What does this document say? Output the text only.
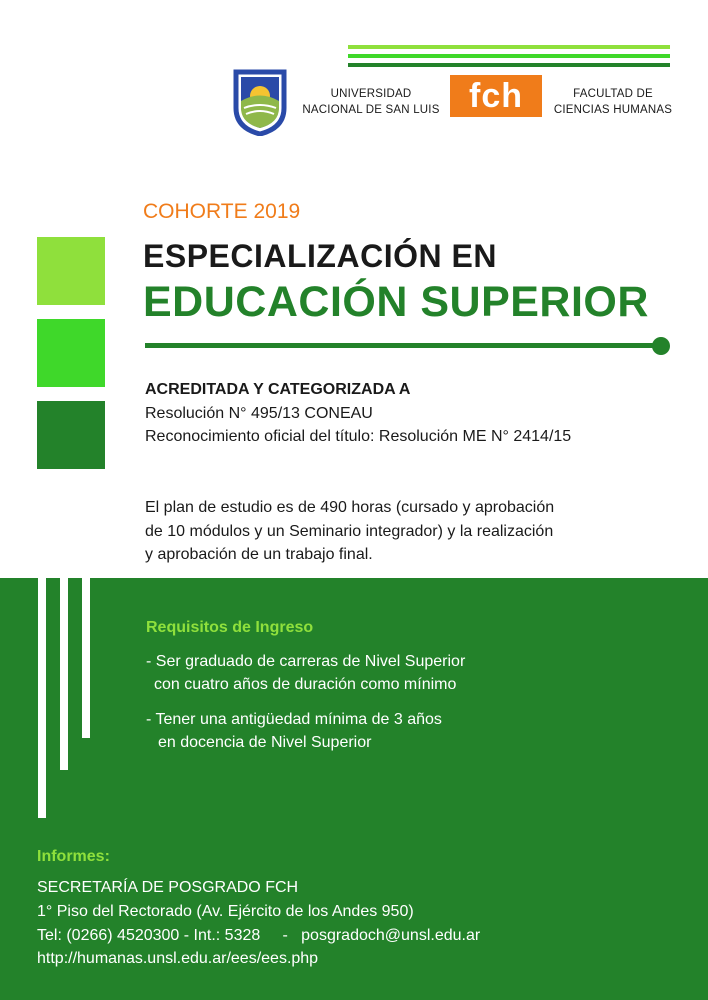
UNIVERSIDAD
NACIONAL DE SAN LUIS fch	FACULTAD DE
CIENCIAS HUMANAS
COHORTE 2019
ESPECIALIZACIÓN EN
EDUCACIÓN SUPERIOR
ACREDITADA Y CATEGORIZADA A
Resolución N° 495/13 CONEAU
Reconocimiento oficial del título: Resolución ME N° 2414/15
El plan de estudio es de 490 horas (cursado y aprobación
de 10 módulos y un Seminario integrador) y la realización
y aprobación de un trabajo final.
Requisitos de Ingreso
- Ser graduado de carreras de Nivel Superior
con cuatro años de duración como mínimo
- Tener una antigüedad mínima de 3 años
en docencia de Nivel Superior
Informes:
SECRETARÍA DE POSGRADO FCH
1° Piso del Rectorado (Av. Ejército de los Andes 950)
Tel: (0266) 4520300 - Int.: 5328     -   posgradoch@unsl.edu.ar
http://humanas.unsl.edu.ar/ees/ees.php
